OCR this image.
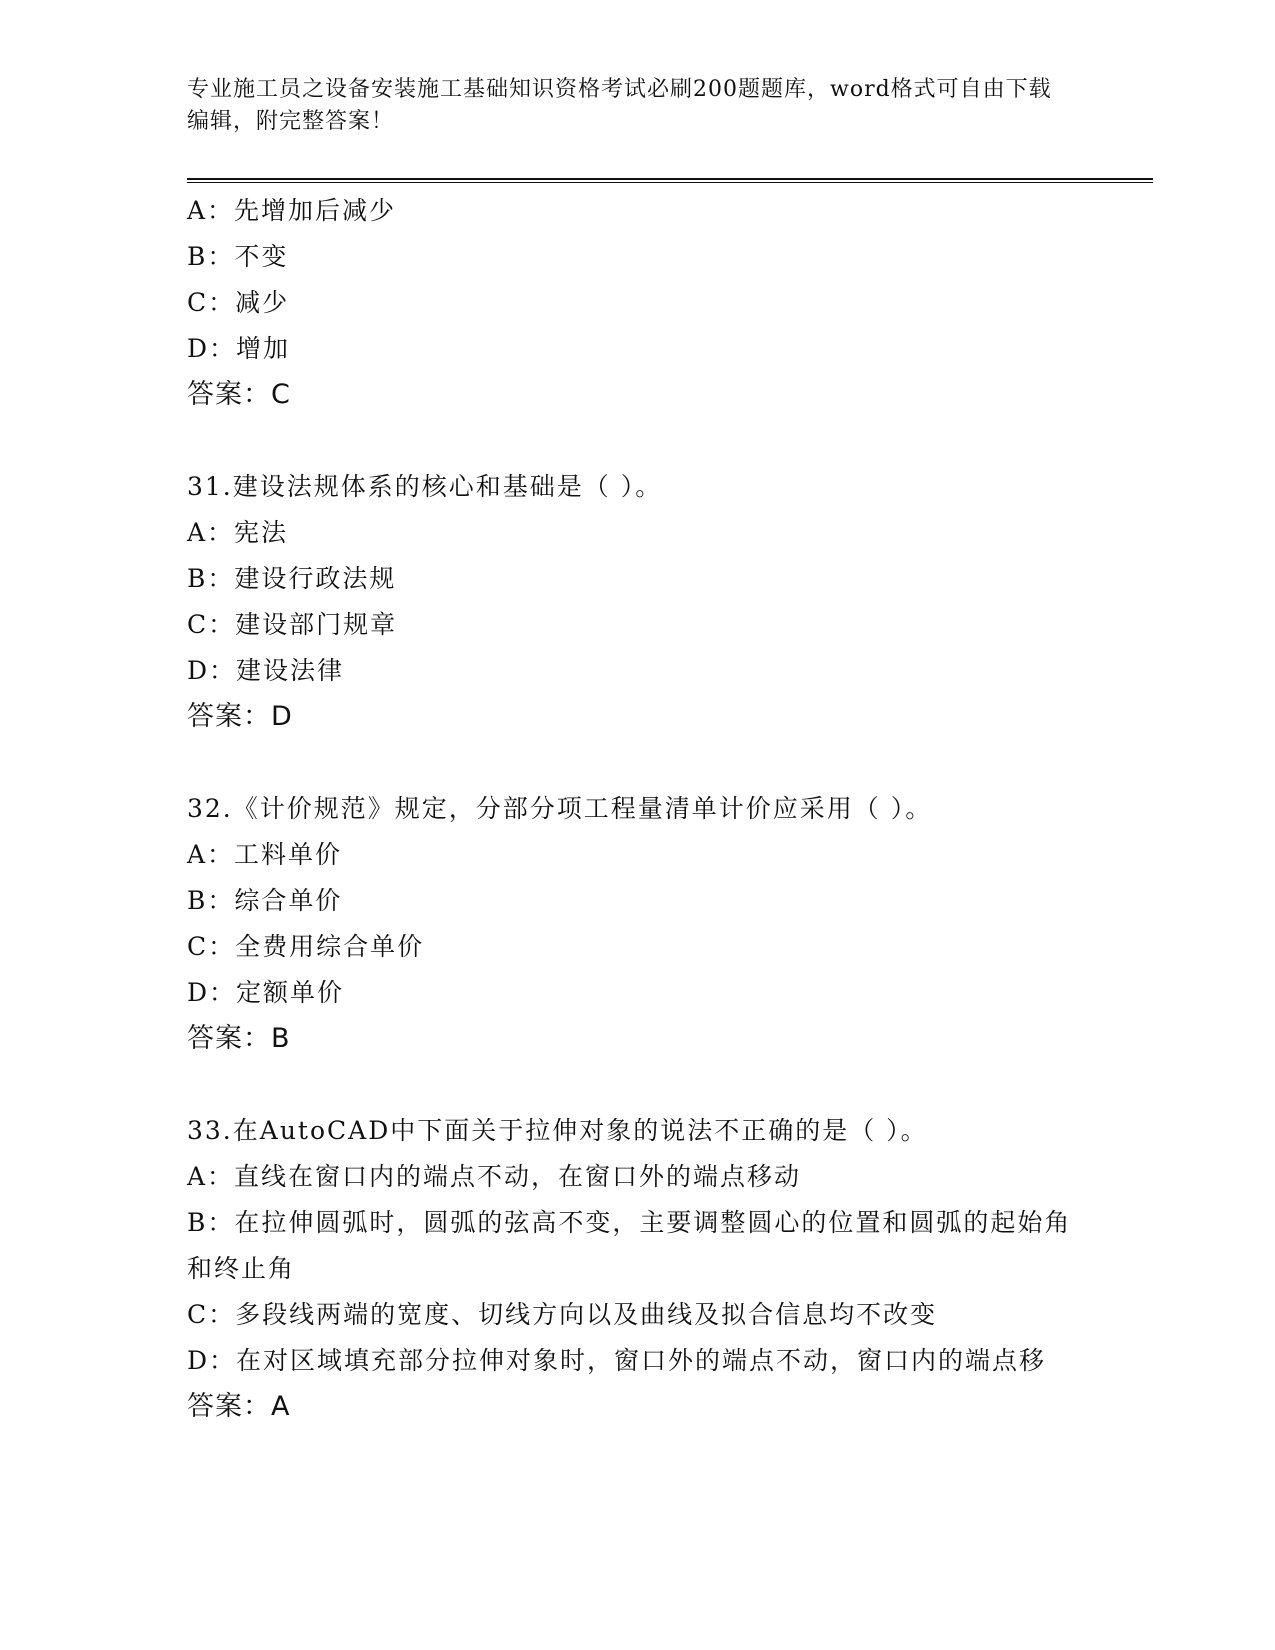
专业施工员之设备安装施工基础知识资格考试必刷200题题库，word格式可自由下载编辑，附完整答案！
A：先增加后减少
B：不变
C：减少
D：增加
答案：C
31.建设法规体系的核心和基础是（ ）。
A：宪法
B：建设行政法规
C：建设部门规章
D：建设法律
答案：D
32.《计价规范》规定，分部分项工程量清单计价应采用（ ）。
A：工料单价
B：综合单价
C：全费用综合单价
D：定额单价
答案：B
33.在AutoCAD中下面关于拉伸对象的说法不正确的是（ ）。
A：直线在窗口内的端点不动，在窗口外的端点移动
B：在拉伸圆弧时，圆弧的弦高不变，主要调整圆心的位置和圆弧的起始角和终止角
C：多段线两端的宽度、切线方向以及曲线及拟合信息均不改变
D：在对区域填充部分拉伸对象时，窗口外的端点不动，窗口内的端点移
答案：A
